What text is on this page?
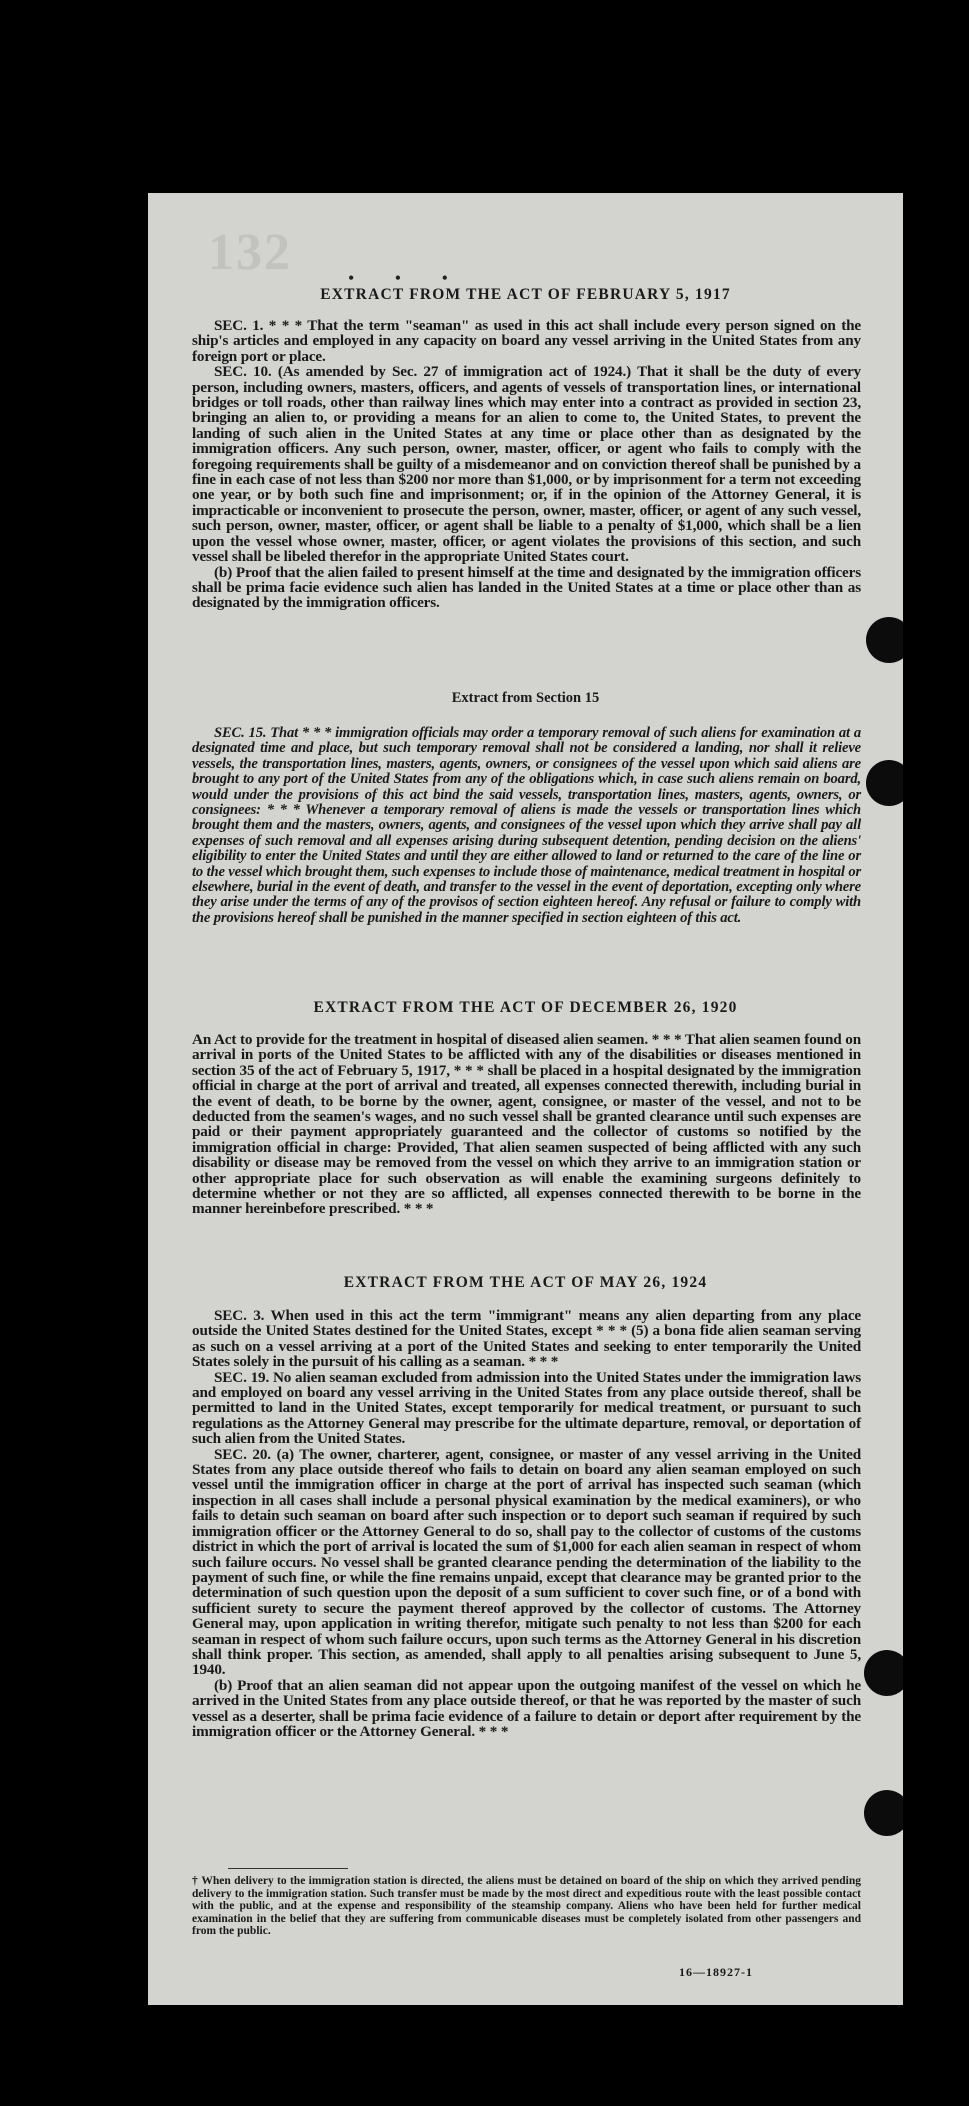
132	• • •
EXTRACT FROM THE ACT OF FEBRUARY 5, 1917

SEC. 1. * * * That the term "seaman" as used in this act shall include every person signed on the ship's articles and employed in any capacity on board any vessel arriving in the United States from any foreign port or place.

SEC. 10. (As amended by Sec. 27 of immigration act of 1924.) That it shall be the duty of every person, including owners, masters, officers, and agents of vessels of transportation lines, or international bridges or toll roads, other than railway lines which may enter into a contract as provided in section 23, bringing an alien to, or providing a means for an alien to come to, the United States, to prevent the landing of such alien in the United States at any time or place other than as designated by the immigration officers. Any such person, owner, master, officer, or agent who fails to comply with the foregoing requirements shall be guilty of a misdemeanor and on conviction thereof shall be punished by a fine in each case of not less than $200 nor more than $1,000, or by imprisonment for a term not exceeding one year, or by both such fine and imprisonment; or, if in the opinion of the Attorney General, it is impracticable or inconvenient to prosecute the person, owner, master, officer, or agent of any such vessel, such person, owner, master, officer, or agent shall be liable to a penalty of $1,000, which shall be a lien upon the vessel whose owner, master, officer, or agent violates the provisions of this section, and such vessel shall be libeled therefor in the appropriate United States court.

(b) Proof that the alien failed to present himself at the time and designated by the immigration officers shall be prima facie evidence such alien has landed in the United States at a time or place other than as designated by the immigration officers.

Extract from Section 15

SEC. 15. That * * * immigration officials may order a temporary removal of such aliens for examination at a designated time and place, but such temporary removal shall not be considered a landing, nor shall it relieve vessels, the transportation lines, masters, agents, owners, or consignees of the vessel upon which said aliens are brought to any port of the United States from any of the obligations which, in case such aliens remain on board, would under the provisions of this act bind the said vessels, transportation lines, masters, agents, owners, or consignees: * * * Whenever a temporary removal of aliens is made the vessels or transportation lines which brought them and the masters, owners, agents, and consignees of the vessel upon which they arrive shall pay all expenses of such removal and all expenses arising during subsequent detention, pending decision on the aliens' eligibility to enter the United States and until they are either allowed to land or returned to the care of the line or to the vessel which brought them, such expenses to include those of maintenance, medical treatment in hospital or elsewhere, burial in the event of death, and transfer to the vessel in the event of deportation, excepting only where they arise under the terms of any of the provisos of section eighteen hereof. Any refusal or failure to comply with the provisions hereof shall be punished in the manner specified in section eighteen of this act.

EXTRACT FROM THE ACT OF DECEMBER 26, 1920

An Act to provide for the treatment in hospital of diseased alien seamen. * * * That alien seamen found on arrival in ports of the United States to be afflicted with any of the disabilities or diseases mentioned in section 35 of the act of February 5, 1917, * * * shall be placed in a hospital designated by the immigration official in charge at the port of arrival and treated, all expenses connected therewith, including burial in the event of death, to be borne by the owner, agent, consignee, or master of the vessel, and not to be deducted from the seamen's wages, and no such vessel shall be granted clearance until such expenses are paid or their payment appropriately guaranteed and the collector of customs so notified by the immigration official in charge: Provided, That alien seamen suspected of being afflicted with any such disability or disease may be removed from the vessel on which they arrive to an immigration station or other appropriate place for such observation as will enable the examining surgeons definitely to determine whether or not they are so afflicted, all expenses connected therewith to be borne in the manner hereinbefore prescribed. * * *

EXTRACT FROM THE ACT OF MAY 26, 1924

SEC. 3. When used in this act the term "immigrant" means any alien departing from any place outside the United States destined for the United States, except * * * (5) a bona fide alien seaman serving as such on a vessel arriving at a port of the United States and seeking to enter temporarily the United States solely in the pursuit of his calling as a seaman. * * *

SEC. 19. No alien seaman excluded from admission into the United States under the immigration laws and employed on board any vessel arriving in the United States from any place outside thereof, shall be permitted to land in the United States, except temporarily for medical treatment, or pursuant to such regulations as the Attorney General may prescribe for the ultimate departure, removal, or deportation of such alien from the United States.

SEC. 20. (a) The owner, charterer, agent, consignee, or master of any vessel arriving in the United States from any place outside thereof who fails to detain on board any alien seaman employed on such vessel until the immigration officer in charge at the port of arrival has inspected such seaman (which inspection in all cases shall include a personal physical examination by the medical examiners), or who fails to detain such seaman on board after such inspection or to deport such seaman if required by such immigration officer or the Attorney General to do so, shall pay to the collector of customs of the customs district in which the port of arrival is located the sum of $1,000 for each alien seaman in respect of whom such failure occurs. No vessel shall be granted clearance pending the determination of the liability to the payment of such fine, or while the fine remains unpaid, except that clearance may be granted prior to the determination of such question upon the deposit of a sum sufficient to cover such fine, or of a bond with sufficient surety to secure the payment thereof approved by the collector of customs. The Attorney General may, upon application in writing therefor, mitigate such penalty to not less than $200 for each seaman in respect of whom such failure occurs, upon such terms as the Attorney General in his discretion shall think proper. This section, as amended, shall apply to all penalties arising subsequent to June 5, 1940.

(b) Proof that an alien seaman did not appear upon the outgoing manifest of the vessel on which he arrived in the United States from any place outside thereof, or that he was reported by the master of such vessel as a deserter, shall be prima facie evidence of a failure to detain or deport after requirement by the immigration officer or the Attorney General. * * *

† When delivery to the immigration station is directed, the aliens must be detained on board of the ship on which they arrived pending delivery to the immigration station. Such transfer must be made by the most direct and expeditious route with the least possible contact with the public, and at the expense and responsibility of the steamship company. Aliens who have been held for further medical examination in the belief that they are suffering from communicable diseases must be completely isolated from other passengers and from the public.
16—18927-1
